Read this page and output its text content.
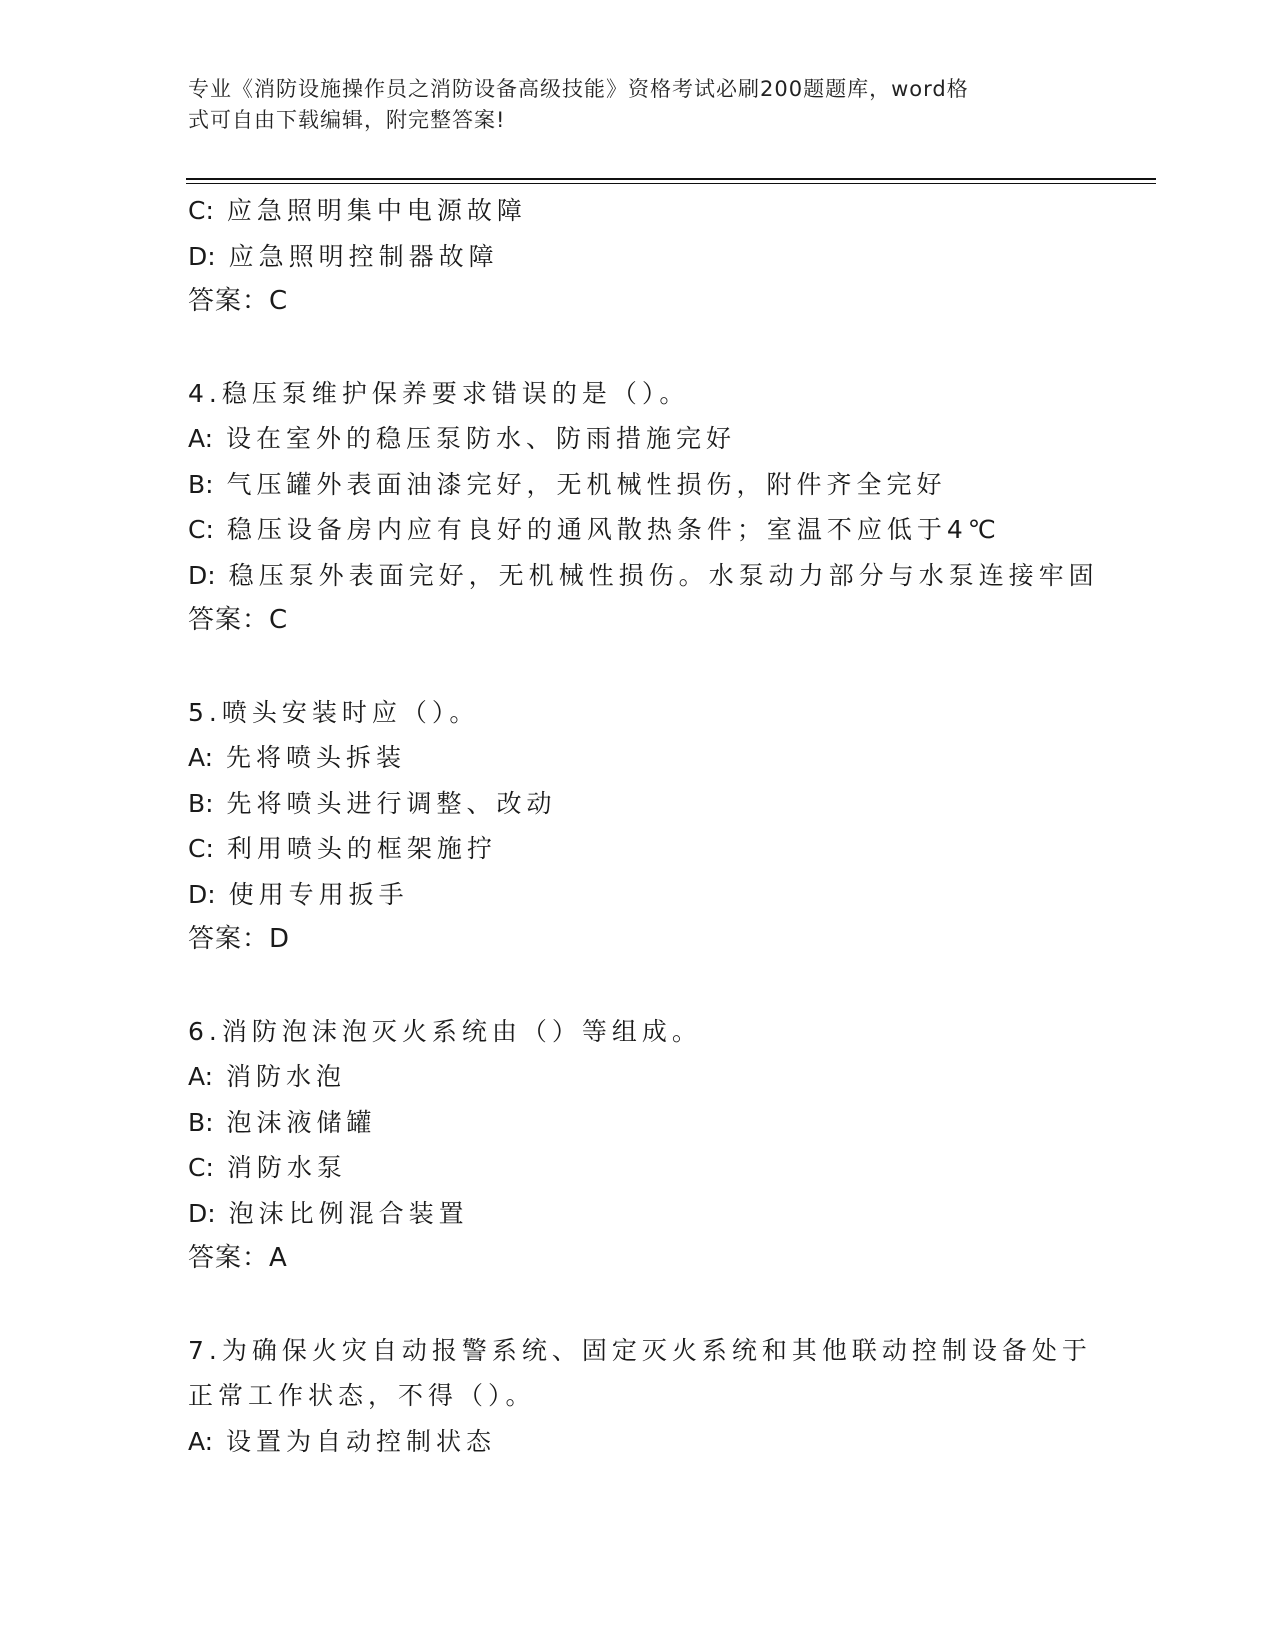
专业《消防设施操作员之消防设备高级技能》资格考试必刷200题题库，word格
式可自由下载编辑，附完整答案!
C: 应急照明集中电源故障
D: 应急照明控制器故障
答案：C
4.稳压泵维护保养要求错误的是（）。
A: 设在室外的稳压泵防水、防雨措施完好
B: 气压罐外表面油漆完好，无机械性损伤，附件齐全完好
C: 稳压设备房内应有良好的通风散热条件；室温不应低于4℃
D: 稳压泵外表面完好，无机械性损伤。水泵动力部分与水泵连接牢固
答案：C
5.喷头安装时应（）。
A: 先将喷头拆装
B: 先将喷头进行调整、改动
C: 利用喷头的框架施拧
D: 使用专用扳手
答案：D
6.消防泡沫泡灭火系统由（）等组成。
A: 消防水泡
B: 泡沫液储罐
C: 消防水泵
D: 泡沫比例混合装置
答案：A
7.为确保火灾自动报警系统、固定灭火系统和其他联动控制设备处于
正常工作状态，不得（）。
A: 设置为自动控制状态
